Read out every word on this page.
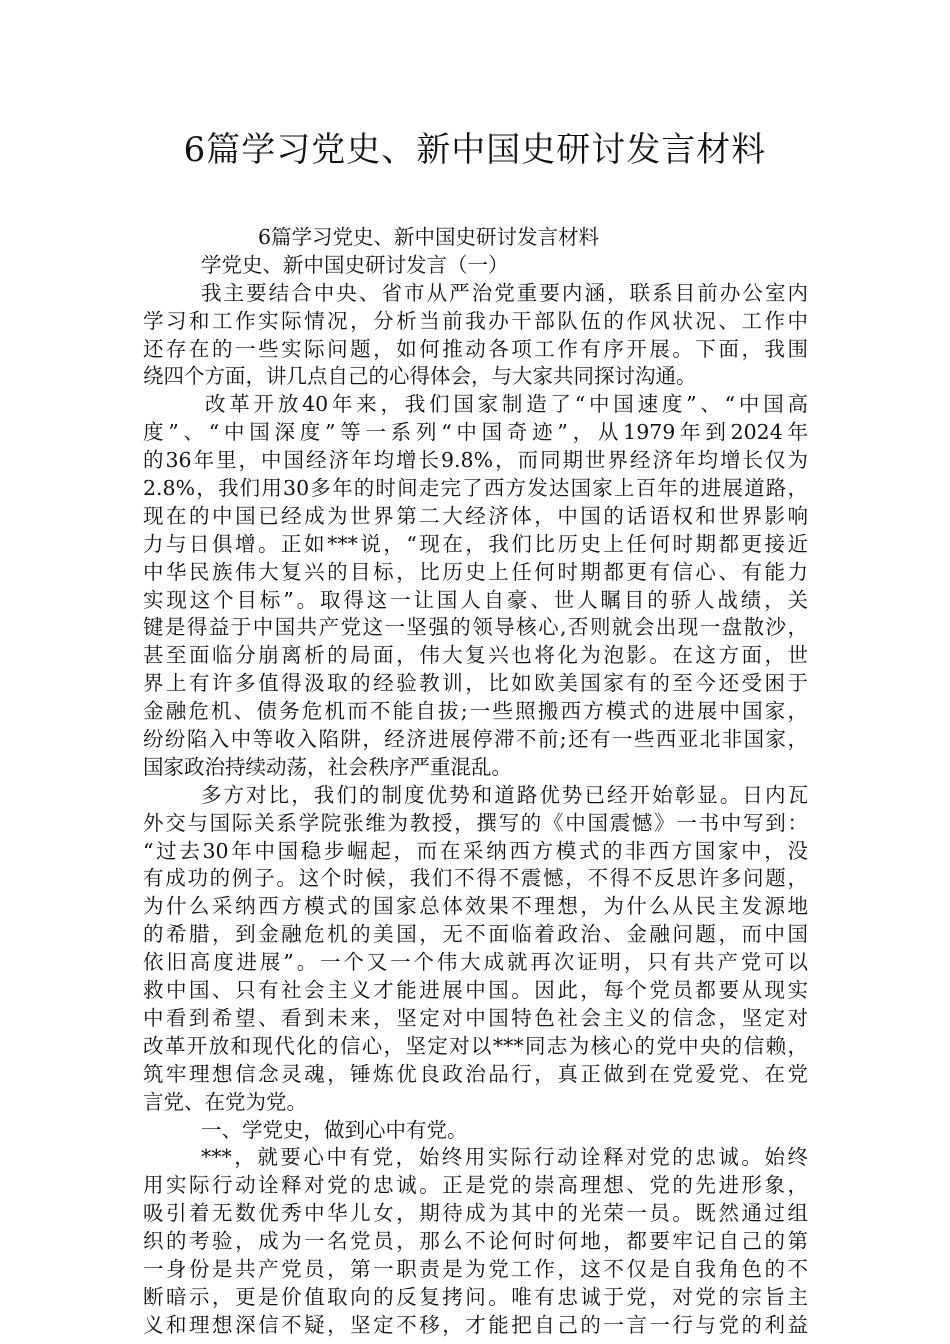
6篇学习党史、新中国史研讨发言材料
6篇学习党史、新中国史研讨发言材料
学党史、新中国史研讨发言（一）
我主要结合中央、省市从严治党重要内涵，联系目前办公室内
学习和工作实际情况，分析当前我办干部队伍的作风状况、工作中
还存在的一些实际问题，如何推动各项工作有序开展。下面，我围
绕四个方面，讲几点自己的心得体会，与大家共同探讨沟通。
改革开放40年来，我们国家制造了“中国速度”、“中国高
度”、“中国深度”等一系列“中国奇迹”，从1979年到2024年
的36年里，中国经济年均增长9.8%，而同期世界经济年均增长仅为
2.8%，我们用30多年的时间走完了西方发达国家上百年的进展道路，
现在的中国已经成为世界第二大经济体，中国的话语权和世界影响
力与日俱增。正如***说，“现在，我们比历史上任何时期都更接近
中华民族伟大复兴的目标，比历史上任何时期都更有信心、有能力
实现这个目标”。取得这一让国人自豪、世人瞩目的骄人战绩，关
键是得益于中国共产党这一坚强的领导核心,否则就会出现一盘散沙，
甚至面临分崩离析的局面，伟大复兴也将化为泡影。在这方面，世
界上有许多值得汲取的经验教训，比如欧美国家有的至今还受困于
金融危机、债务危机而不能自拔;一些照搬西方模式的进展中国家，
纷纷陷入中等收入陷阱，经济进展停滞不前;还有一些西亚北非国家，
国家政治持续动荡，社会秩序严重混乱。
多方对比，我们的制度优势和道路优势已经开始彰显。日内瓦
外交与国际关系学院张维为教授，撰写的《中国震憾》一书中写到：
“过去30年中国稳步崛起，而在采纳西方模式的非西方国家中，没
有成功的例子。这个时候，我们不得不震憾，不得不反思许多问题，
为什么采纳西方模式的国家总体效果不理想，为什么从民主发源地
的希腊，到金融危机的美国，无不面临着政治、金融问题，而中国
依旧高度进展”。一个又一个伟大成就再次证明，只有共产党可以
救中国、只有社会主义才能进展中国。因此，每个党员都要从现实
中看到希望、看到未来，坚定对中国特色社会主义的信念，坚定对
改革开放和现代化的信心，坚定对以***同志为核心的党中央的信赖，
筑牢理想信念灵魂，锤炼优良政治品行，真正做到在党爱党、在党
言党、在党为党。
一、学党史，做到心中有党。
***，就要心中有党，始终用实际行动诠释对党的忠诚。始终
用实际行动诠释对党的忠诚。正是党的崇高理想、党的先进形象，
吸引着无数优秀中华儿女，期待成为其中的光荣一员。既然通过组
织的考验，成为一名党员，那么不论何时何地，都要牢记自己的第
一身份是共产党员，第一职责是为党工作，这不仅是自我角色的不
断暗示，更是价值取向的反复拷问。唯有忠诚于党，对党的宗旨主
义和理想深信不疑，坚定不移，才能把自己的一言一行与党的利益
